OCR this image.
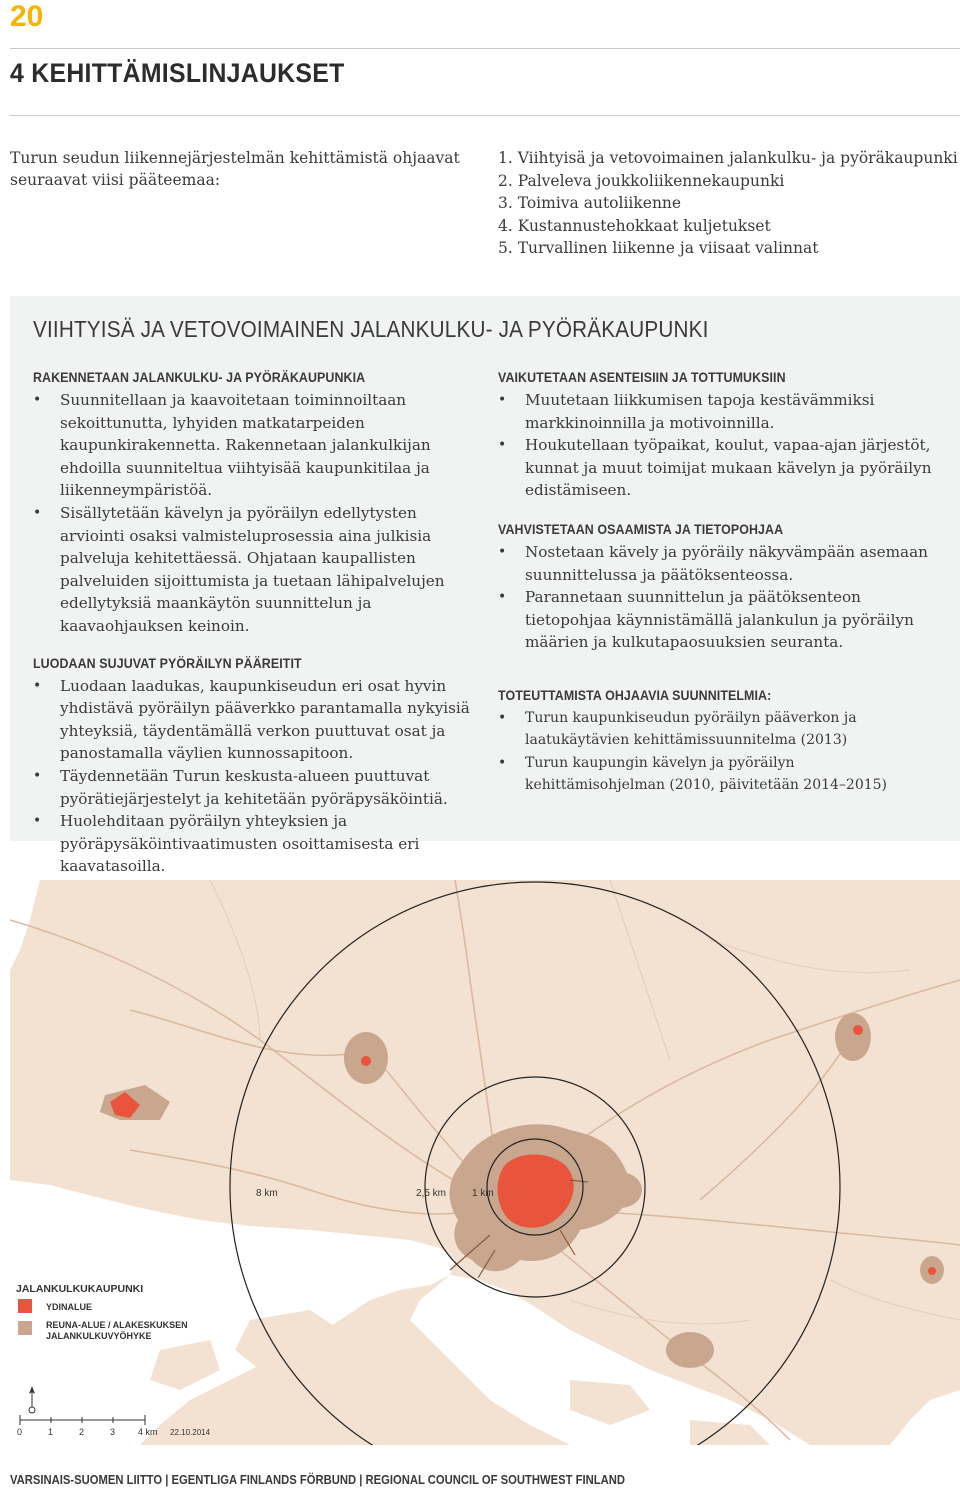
20
4 KEHITTÄMISLINJAUKSET
Turun seudun liikennejärjestelmän kehittämistä ohjaavat seuraavat viisi pääteemaa:
1. Viihtyisä ja vetovoimainen jalankulku- ja pyöräkaupunki
2. Palveleva joukkoliikennekaupunki
3. Toimiva autoliikenne
4. Kustannustehokkaat kuljetukset
5. Turvallinen liikenne ja viisaat valinnat
VIIHTYISÄ JA VETOVOIMAINEN JALANKULKU- JA PYÖRÄKAUPUNKI
RAKENNETAAN JALANKULKU- JA PYÖRÄKAUPUNKIA
• Suunnitellaan ja kaavoitetaan toiminnoiltaan sekoittunutta, lyhyiden matkatarpeiden kaupunkirakennetta. Rakennetaan jalankulkijan ehdoilla suunniteltua viihtyisää kaupunkitilaa ja liikenneympäristöä.
• Sisällytetään kävelyn ja pyöräilyn edellytysten arviointi osaksi valmisteluprosessia aina julkisia palveluja kehitettäessä. Ohjataan kaupallisten palveluiden sijoittumista ja tuetaan lähipalvelujen edellytyksiä maankäytön suunnittelun ja kaavaohjauksen keinoin.
LUODAAN SUJUVAT PYÖRÄILYN PÄÄREITIT
• Luodaan laadukas, kaupunkiseudun eri osat hyvin yhdistävä pyöräilyn pääverkko parantamalla nykyisiä yhteyksiä, täydentämällä verkon puuttuvat osat ja panostamalla väylien kunnossapitoon.
• Täydennetään Turun keskusta-alueen puuttuvat pyörätiejärjestelyt ja kehitetään pyöräpysäköintiä.
• Huolehditaan pyöräilyn yhteyksien ja pyöräpysäköintivaatimusten osoittamisesta eri kaavatasoilla.
VAIKUTETAAN ASENTEISIIN JA TOTTUMUKSIIN
• Muutetaan liikkumisen tapoja kestävämmiksi markkinoinnilla ja motivoinnilla.
• Houkutellaan työpaikat, koulut, vapaa-ajan järjestöt, kunnat ja muut toimijat mukaan kävelyn ja pyöräilyn edistämiseen.
VAHVISTETAAN OSAAMISTA JA TIETOPOHJAA
• Nostetaan kävely ja pyöräily näkyvämpään asemaan suunnittelussa ja päätöksenteossa.
• Parannetaan suunnittelun ja päätöksenteon tietopohjaa käynnistämällä jalankulun ja pyöräilyn määrien ja kulkutapaosuuksien seuranta.
TOTEUTTAMISTA OHJAAVIA SUUNNITELMIA:
• Turun kaupunkiseudun pyöräilyn pääverkon ja laatukäytävien kehittämissuunnitelma (2013)
• Turun kaupungin kävelyn ja pyöräilyn kehittämisohjelman (2010, päivitetään 2014–2015)
8 km	2,5 km	1 km
JALANKULKUKAUPUNKI
YDINALUE
REUNA-ALUE / ALAKESKUKSEN JALANKULKUVYÖHYKE
0	1	2	3	4 km 22.10.2014
VARSINAIS-SUOMEN LIITTO | EGENTLIGA FINLANDS FÖRBUND | REGIONAL COUNCIL OF SOUTHWEST FINLAND
